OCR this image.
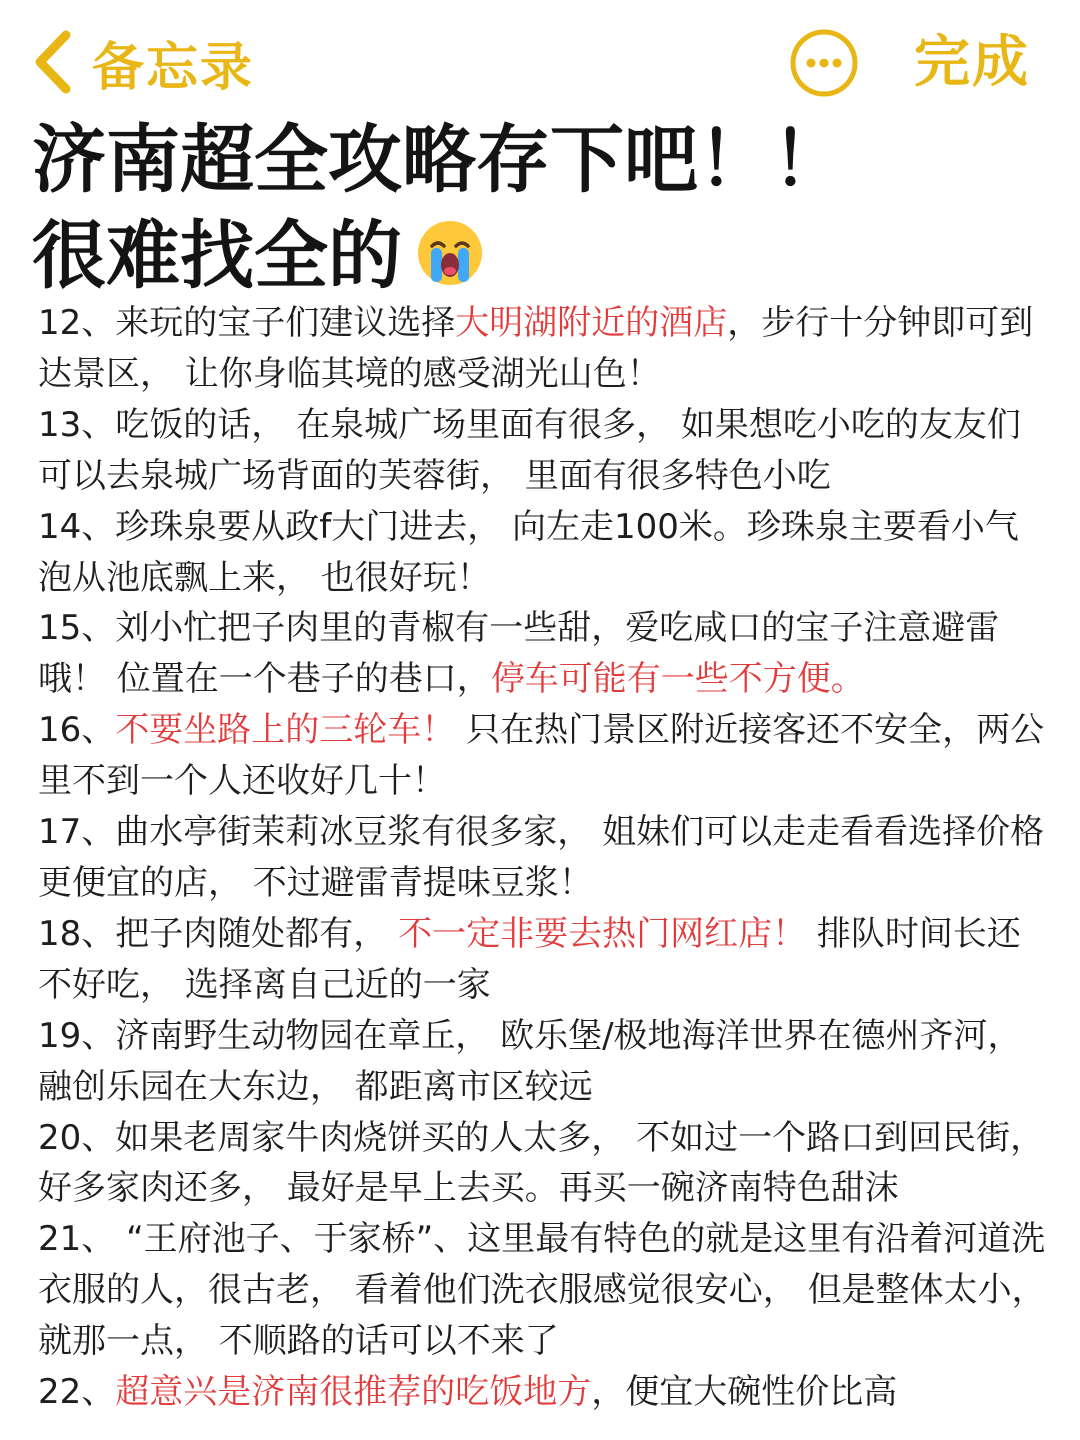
备忘录	完成
济南超全攻略存下吧！！
很难找全的

12、来玩的宝子们建议选择大明湖附近的酒店，步行十分钟即可到达景区， 让你身临其境的感受湖光山色！

13、吃饭的话， 在泉城广场里面有很多， 如果想吃小吃的友友们可以去泉城广场背面的芙蓉街， 里面有很多特色小吃

14、珍珠泉要从政f大门进去， 向左走100米。珍珠泉主要看小气泡从池底飘上来， 也很好玩！

15、刘小忙把子肉里的青椒有一些甜，爱吃咸口的宝子注意避雷哦！ 位置在一个巷子的巷口，停车可能有一些不方便。

16、不要坐路上的三轮车！ 只在热门景区附近接客还不安全，两公里不到一个人还收好几十！

17、曲水亭街茉莉冰豆浆有很多家， 姐妹们可以走走看看选择价格更便宜的店， 不过避雷青提味豆浆！

18、把子肉随处都有， 不一定非要去热门网红店！ 排队时间长还不好吃， 选择离自己近的一家

19、济南野生动物园在章丘， 欧乐堡/极地海洋世界在德州齐河，融创乐园在大东边， 都距离市区较远

20、如果老周家牛肉烧饼买的人太多， 不如过一个路口到回民街， 好多家肉还多， 最好是早上去买。再买一碗济南特色甜沫

21、 “王府池子、于家桥”、这里最有特色的就是这里有沿着河道洗衣服的人，很古老， 看着他们洗衣服感觉很安心， 但是整体太小， 就那一点， 不顺路的话可以不来了

22、超意兴是济南很推荐的吃饭地方，便宜大碗性价比高
